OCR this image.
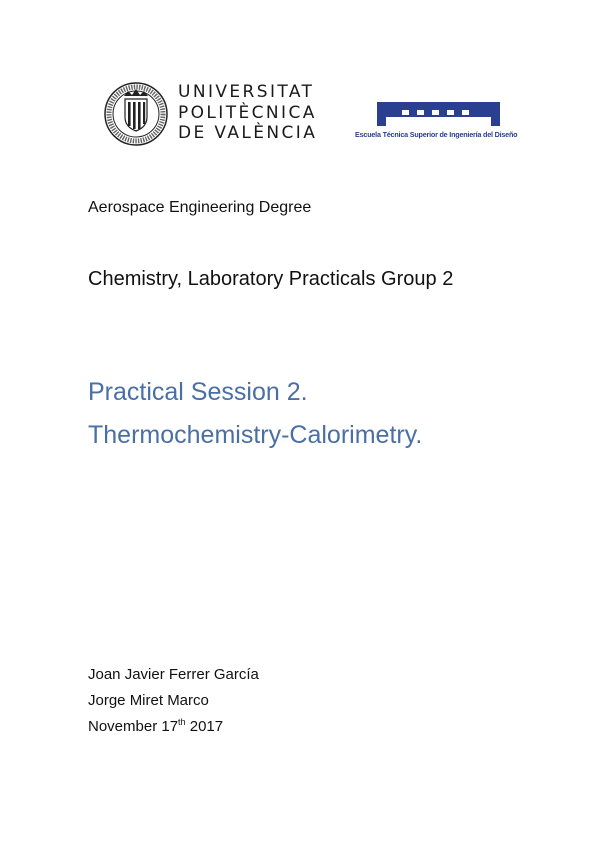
UNIVERSITAT
POLITÈCNICA
DE VALÈNCIA	Escuela Técnica Superior de Ingeniería del Diseño
Aerospace Engineering Degree
Chemistry, Laboratory Practicals Group 2
Practical Session 2.
Thermochemistry-Calorimetry.
Joan Javier Ferrer García
Jorge Miret Marco
November 17th 2017
